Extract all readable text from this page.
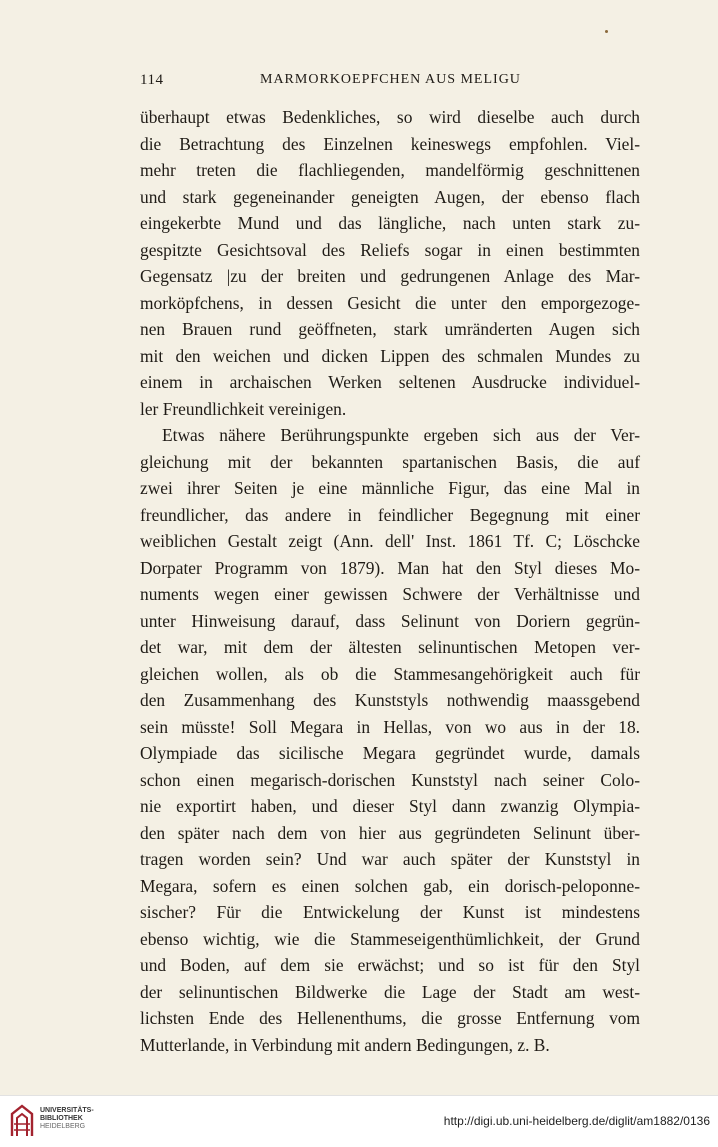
114	MARMORKOEPFCHEN AUS MELIGU
überhaupt etwas Bedenkliches, so wird dieselbe auch durch
die Betrachtung des Einzelnen keineswegs empfohlen. Viel-
mehr treten die flachliegenden, mandelförmig geschnittenen
und stark gegeneinander geneigten Augen, der ebenso flach
eingekerbte Mund und das längliche, nach unten stark zu-
gespitzte Gesichtsoval des Reliefs sogar in einen bestimmten
Gegensatz |zu der breiten und gedrungenen Anlage des Mar-
morköpfchens, in dessen Gesicht die unter den emporgezoge-
nen Brauen rund geöffneten, stark umränderten Augen sich
mit den weichen und dicken Lippen des schmalen Mundes zu
einem in archaischen Werken seltenen Ausdrucke individuel-
ler Freundlichkeit vereinigen.
Etwas nähere Berührungspunkte ergeben sich aus der Ver-
gleichung mit der bekannten spartanischen Basis, die auf
zwei ihrer Seiten je eine männliche Figur, das eine Mal in
freundlicher, das andere in feindlicher Begegnung mit einer
weiblichen Gestalt zeigt (Ann. dell' Inst. 1861 Tf. C; Löschcke
Dorpater Programm von 1879). Man hat den Styl dieses Mo-
numents wegen einer gewissen Schwere der Verhältnisse und
unter Hinweisung darauf, dass Selinunt von Doriern gegrün-
det war, mit dem der ältesten selinuntischen Metopen ver-
gleichen wollen, als ob die Stammesangehörigkeit auch für
den Zusammenhang des Kunststyls nothwendig maassgebend
sein müsste! Soll Megara in Hellas, von wo aus in der 18.
Olympiade das sicilische Megara gegründet wurde, damals
schon einen megarisch-dorischen Kunststyl nach seiner Colo-
nie exportirt haben, und dieser Styl dann zwanzig Olympia-
den später nach dem von hier aus gegründeten Selinunt über-
tragen worden sein? Und war auch später der Kunststyl in
Megara, sofern es einen solchen gab, ein dorisch-peloponne-
sischer? Für die Entwickelung der Kunst ist mindestens
ebenso wichtig, wie die Stammeseigenthümlichkeit, der Grund
und Boden, auf dem sie erwächst; und so ist für den Styl
der selinuntischen Bildwerke die Lage der Stadt am west-
lichsten Ende des Hellenenthums, die grosse Entfernung vom
Mutterlande, in Verbindung mit andern Bedingungen, z. B.
UNIVERSITÄTS-
BIBLIOTHEK
HEIDELBERG	http://digi.ub.uni-heidelberg.de/diglit/am1882/0136
